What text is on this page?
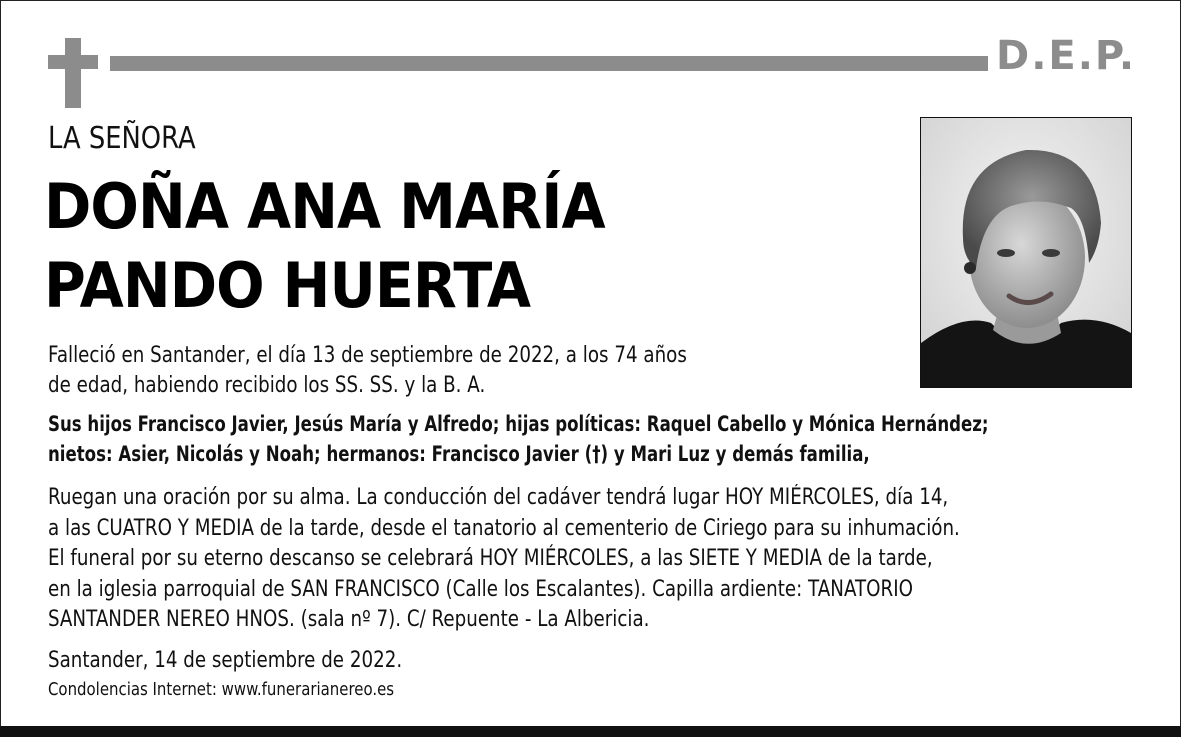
D.E.P.
LA SEÑORA
DOÑA ANA MARÍA
PANDO HUERTA
Falleció en Santander, el día 13 de septiembre de 2022, a los 74 años
de edad, habiendo recibido los SS. SS. y la B. A.
Sus hijos Francisco Javier, Jesús María y Alfredo; hijas políticas: Raquel Cabello y Mónica Hernández;
nietos: Asier, Nicolás y Noah; hermanos: Francisco Javier (†) y Mari Luz y demás familia,
Ruegan una oración por su alma. La conducción del cadáver tendrá lugar HOY MIÉRCOLES, día 14,
a las CUATRO Y MEDIA de la tarde, desde el tanatorio al cementerio de Ciriego para su inhumación.
El funeral por su eterno descanso se celebrará HOY MIÉRCOLES, a las SIETE Y MEDIA de la tarde,
en la iglesia parroquial de SAN FRANCISCO (Calle los Escalantes). Capilla ardiente: TANATORIO
SANTANDER NEREO HNOS. (sala nº 7). C/ Repuente - La Albericia.
Santander, 14 de septiembre de 2022.
Condolencias Internet: www.funerarianereo.es
